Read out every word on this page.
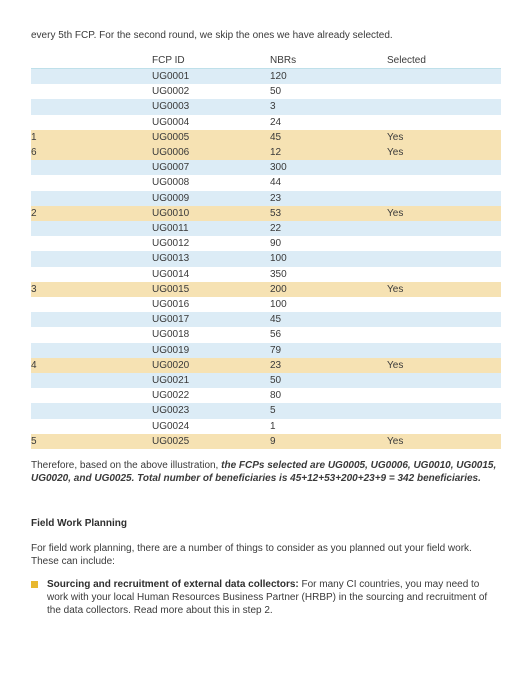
every 5th FCP. For the second round, we skip the ones we have already selected.
	FCP ID	NBRs	Selected
	UG0001	120	
	UG0002	50	
	UG0003	3	
	UG0004	24	
1	UG0005	45	Yes
6	UG0006	12	Yes
	UG0007	300	
	UG0008	44	
	UG0009	23	
2	UG0010	53	Yes
	UG0011	22	
	UG0012	90	
	UG0013	100	
	UG0014	350	
3	UG0015	200	Yes
	UG0016	100	
	UG0017	45	
	UG0018	56	
	UG0019	79	
4	UG0020	23	Yes
	UG0021	50	
	UG0022	80	
	UG0023	5	
	UG0024	1	
5	UG0025	9	Yes
Therefore, based on the above illustration, the FCPs selected are UG0005, UG0006, UG0010, UG0015, UG0020, and UG0025. Total number of beneficiaries is 45+12+53+200+23+9 = 342 beneficiaries.
Field Work Planning
For field work planning, there are a number of things to consider as you planned out your field work. These can include:
Sourcing and recruitment of external data collectors: For many CI countries, you may need to work with your local Human Resources Business Partner (HRBP) in the sourcing and recruitment of the data collectors. Read more about this in step 2.
